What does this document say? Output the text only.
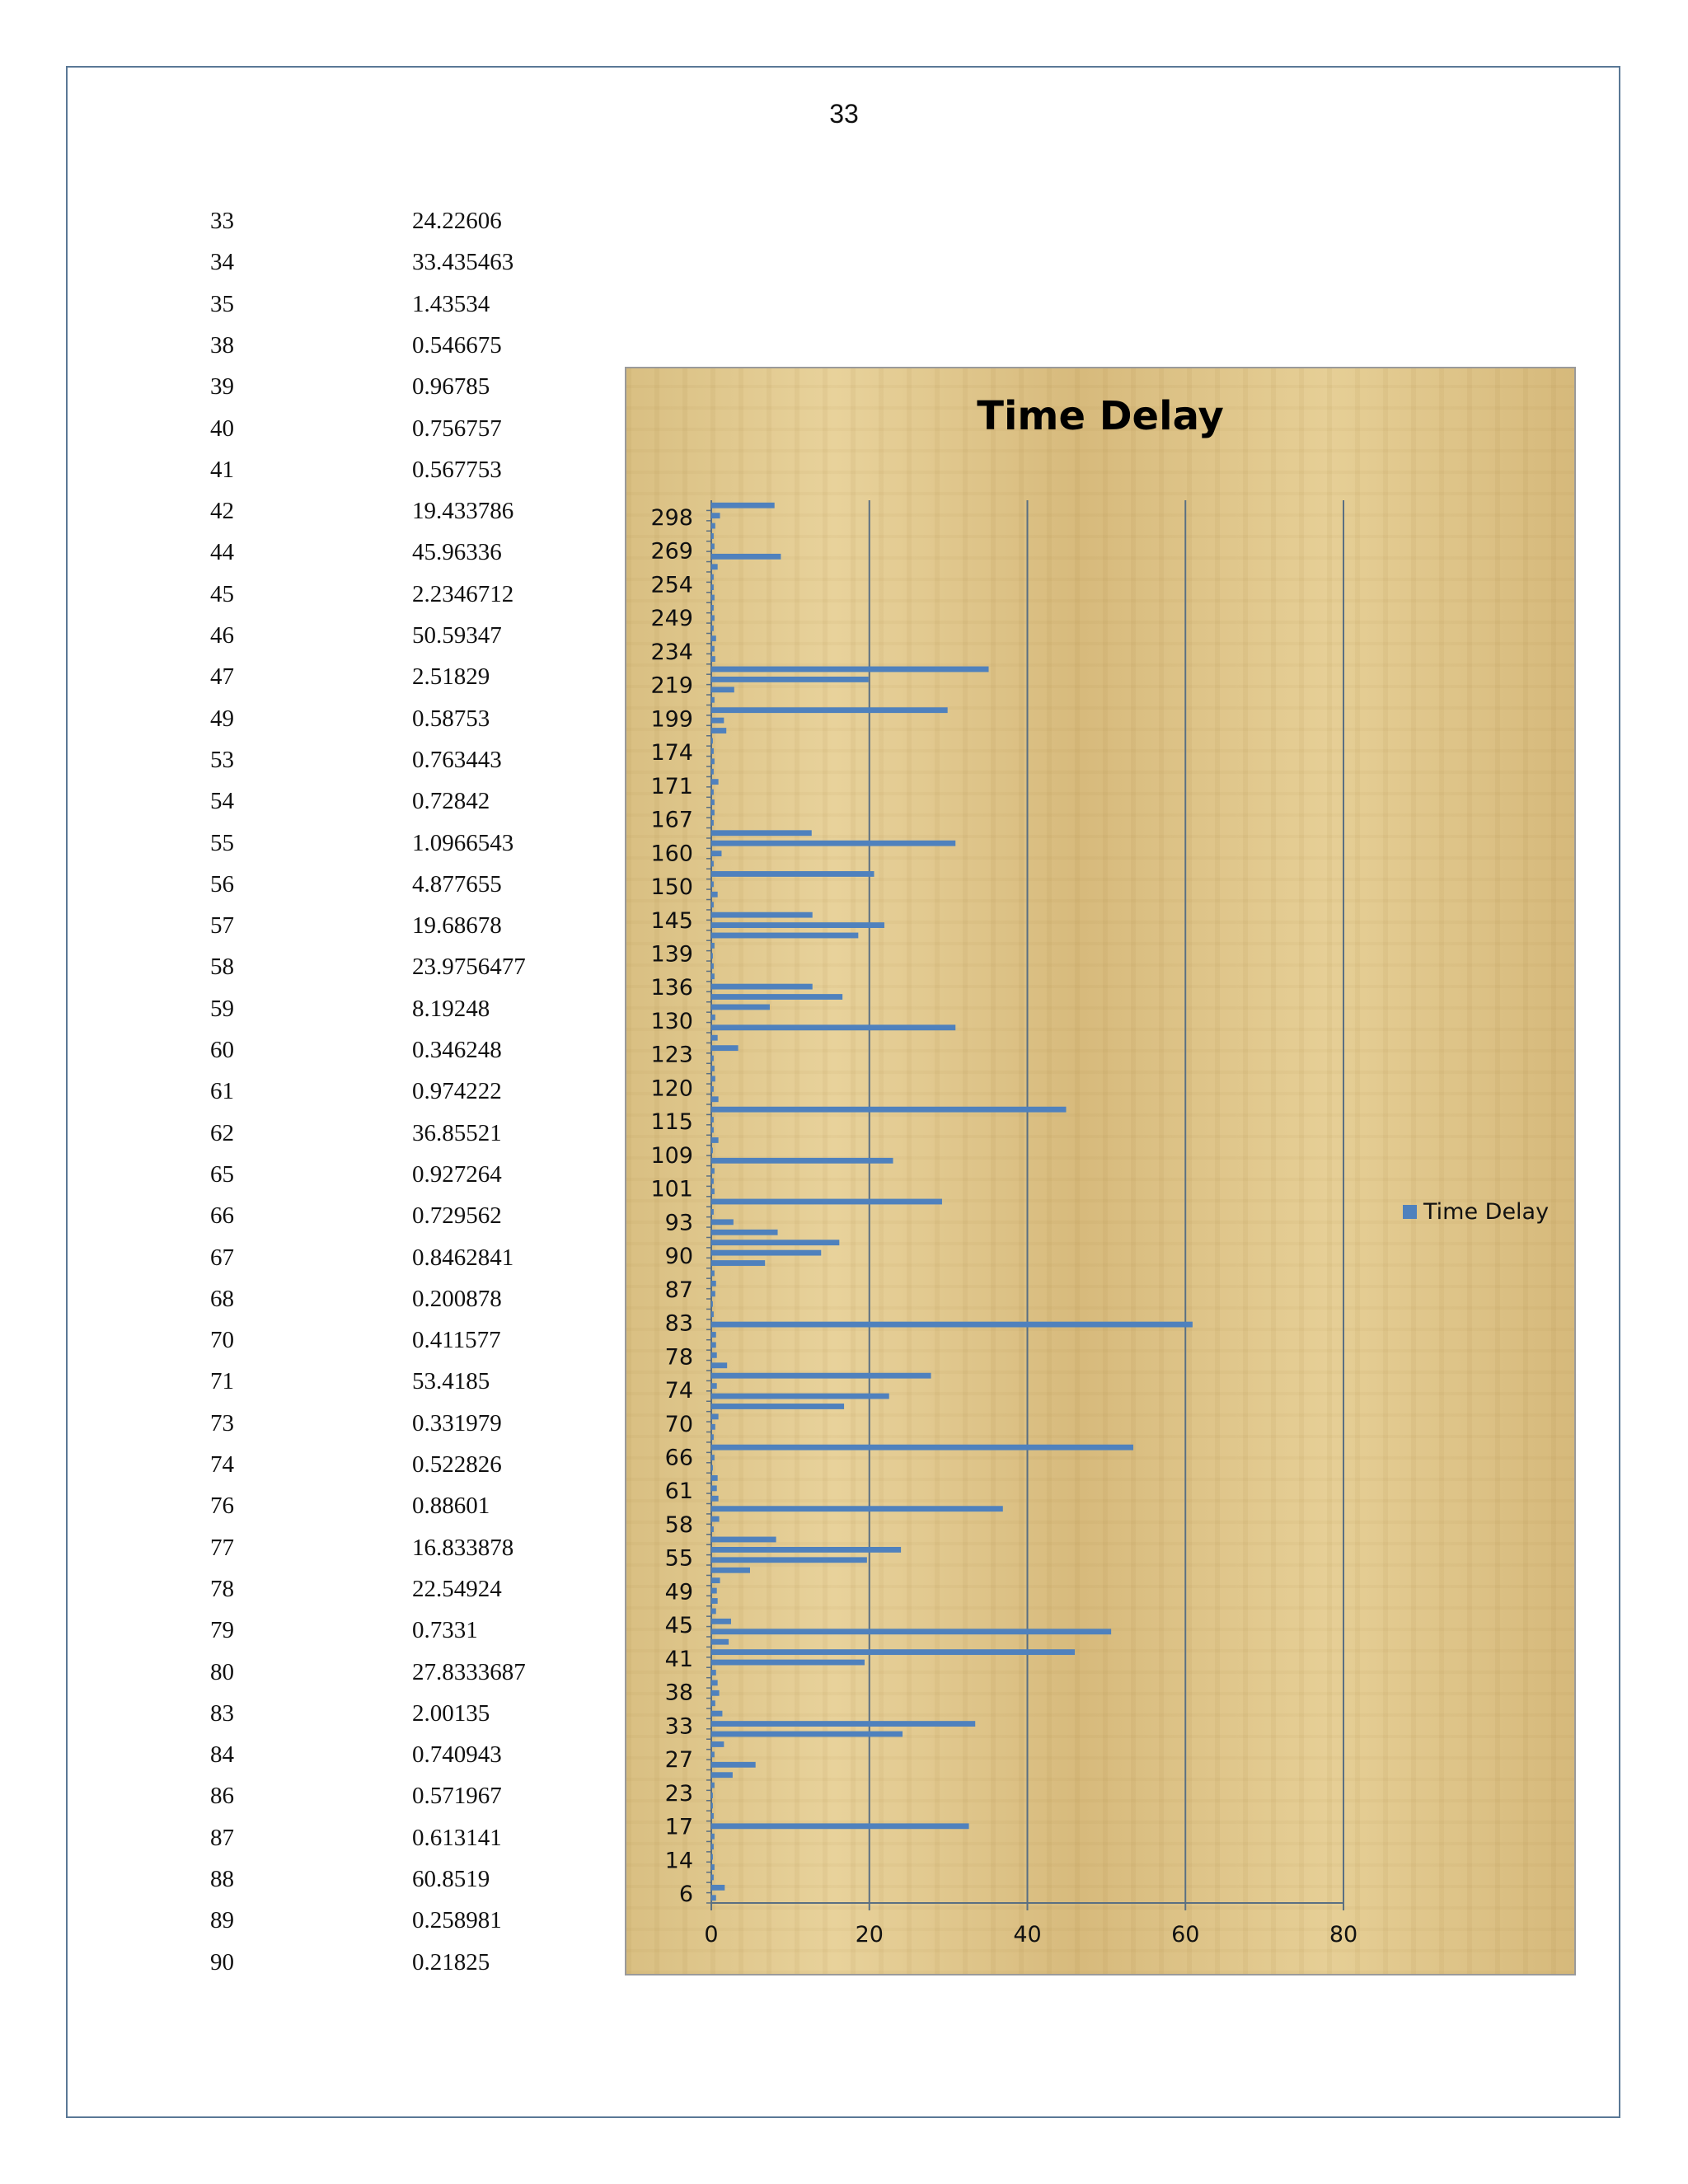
33
33	24.22606
34	33.435463
35	1.43534
38	0.546675
39	0.96785
40	0.756757
41	0.567753
42	19.433786
44	45.96336
45	2.2346712
46	50.59347
47	2.51829
49	0.58753
53	0.763443
54	0.72842
55	1.0966543
56	4.877655
57	19.68678
58	23.9756477
59	8.19248
60	0.346248
61	0.974222
62	36.85521
65	0.927264
66	0.729562
67	0.8462841
68	0.200878
70	0.411577
71	53.4185
73	0.331979
74	0.522826
76	0.88601
77	16.833878
78	22.54924
79	0.7331
80	27.8333687
83	2.00135
84	0.740943
86	0.571967
87	0.613141
88	60.8519
89	0.258981
90	0.21825
Time Delay
0	20	40	60	80
6
14
17
23
27
33
38
41
45
49
55
58
61
66
70
74
78
83
87
90
93
101
109
115
120
123
130
136
139
145
150
160
167
171
174
199
219
234
249
254
269
298
Time Delay
